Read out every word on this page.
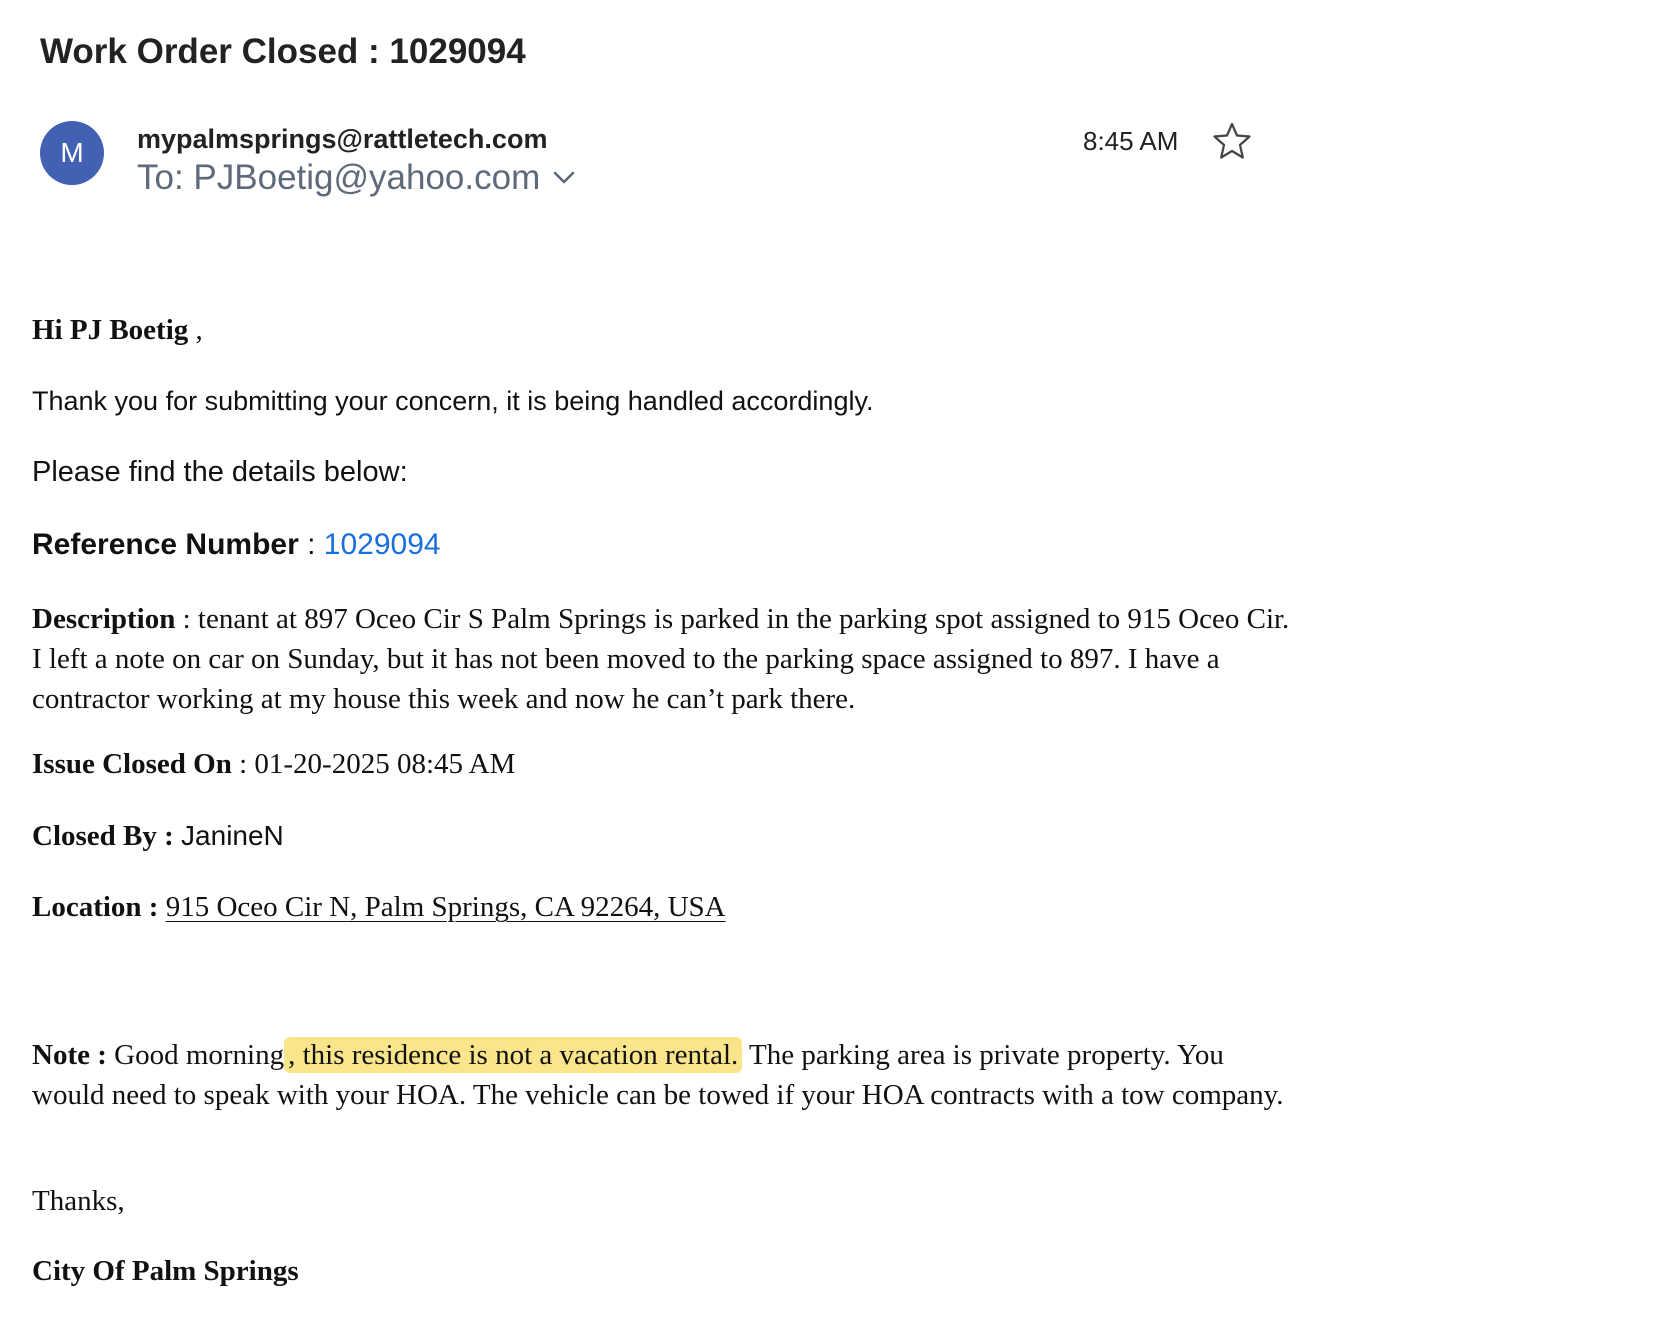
Work Order Closed : 1029094
M	mypalmsprings@rattletech.com
To: PJBoetig@yahoo.com
8:45 AM
Hi PJ Boetig ,
Thank you for submitting your concern, it is being handled accordingly.
Please find the details below:
Reference Number : 1029094
Description : tenant at 897 Oceo Cir S Palm Springs is parked in the parking spot assigned to 915 Oceo Cir. I left a note on car on Sunday, but it has not been moved to the parking space assigned to 897. I have a contractor working at my house this week and now he can’t park there.
Issue Closed On : 01-20-2025 08:45 AM
Closed By : JanineN
Location : 915 Oceo Cir N, Palm Springs, CA 92264, USA
Note : Good morning , this residence is not a vacation rental. The parking area is private property. You would need to speak with your HOA. The vehicle can be towed if your HOA contracts with a tow company.
Thanks,
City Of Palm Springs
